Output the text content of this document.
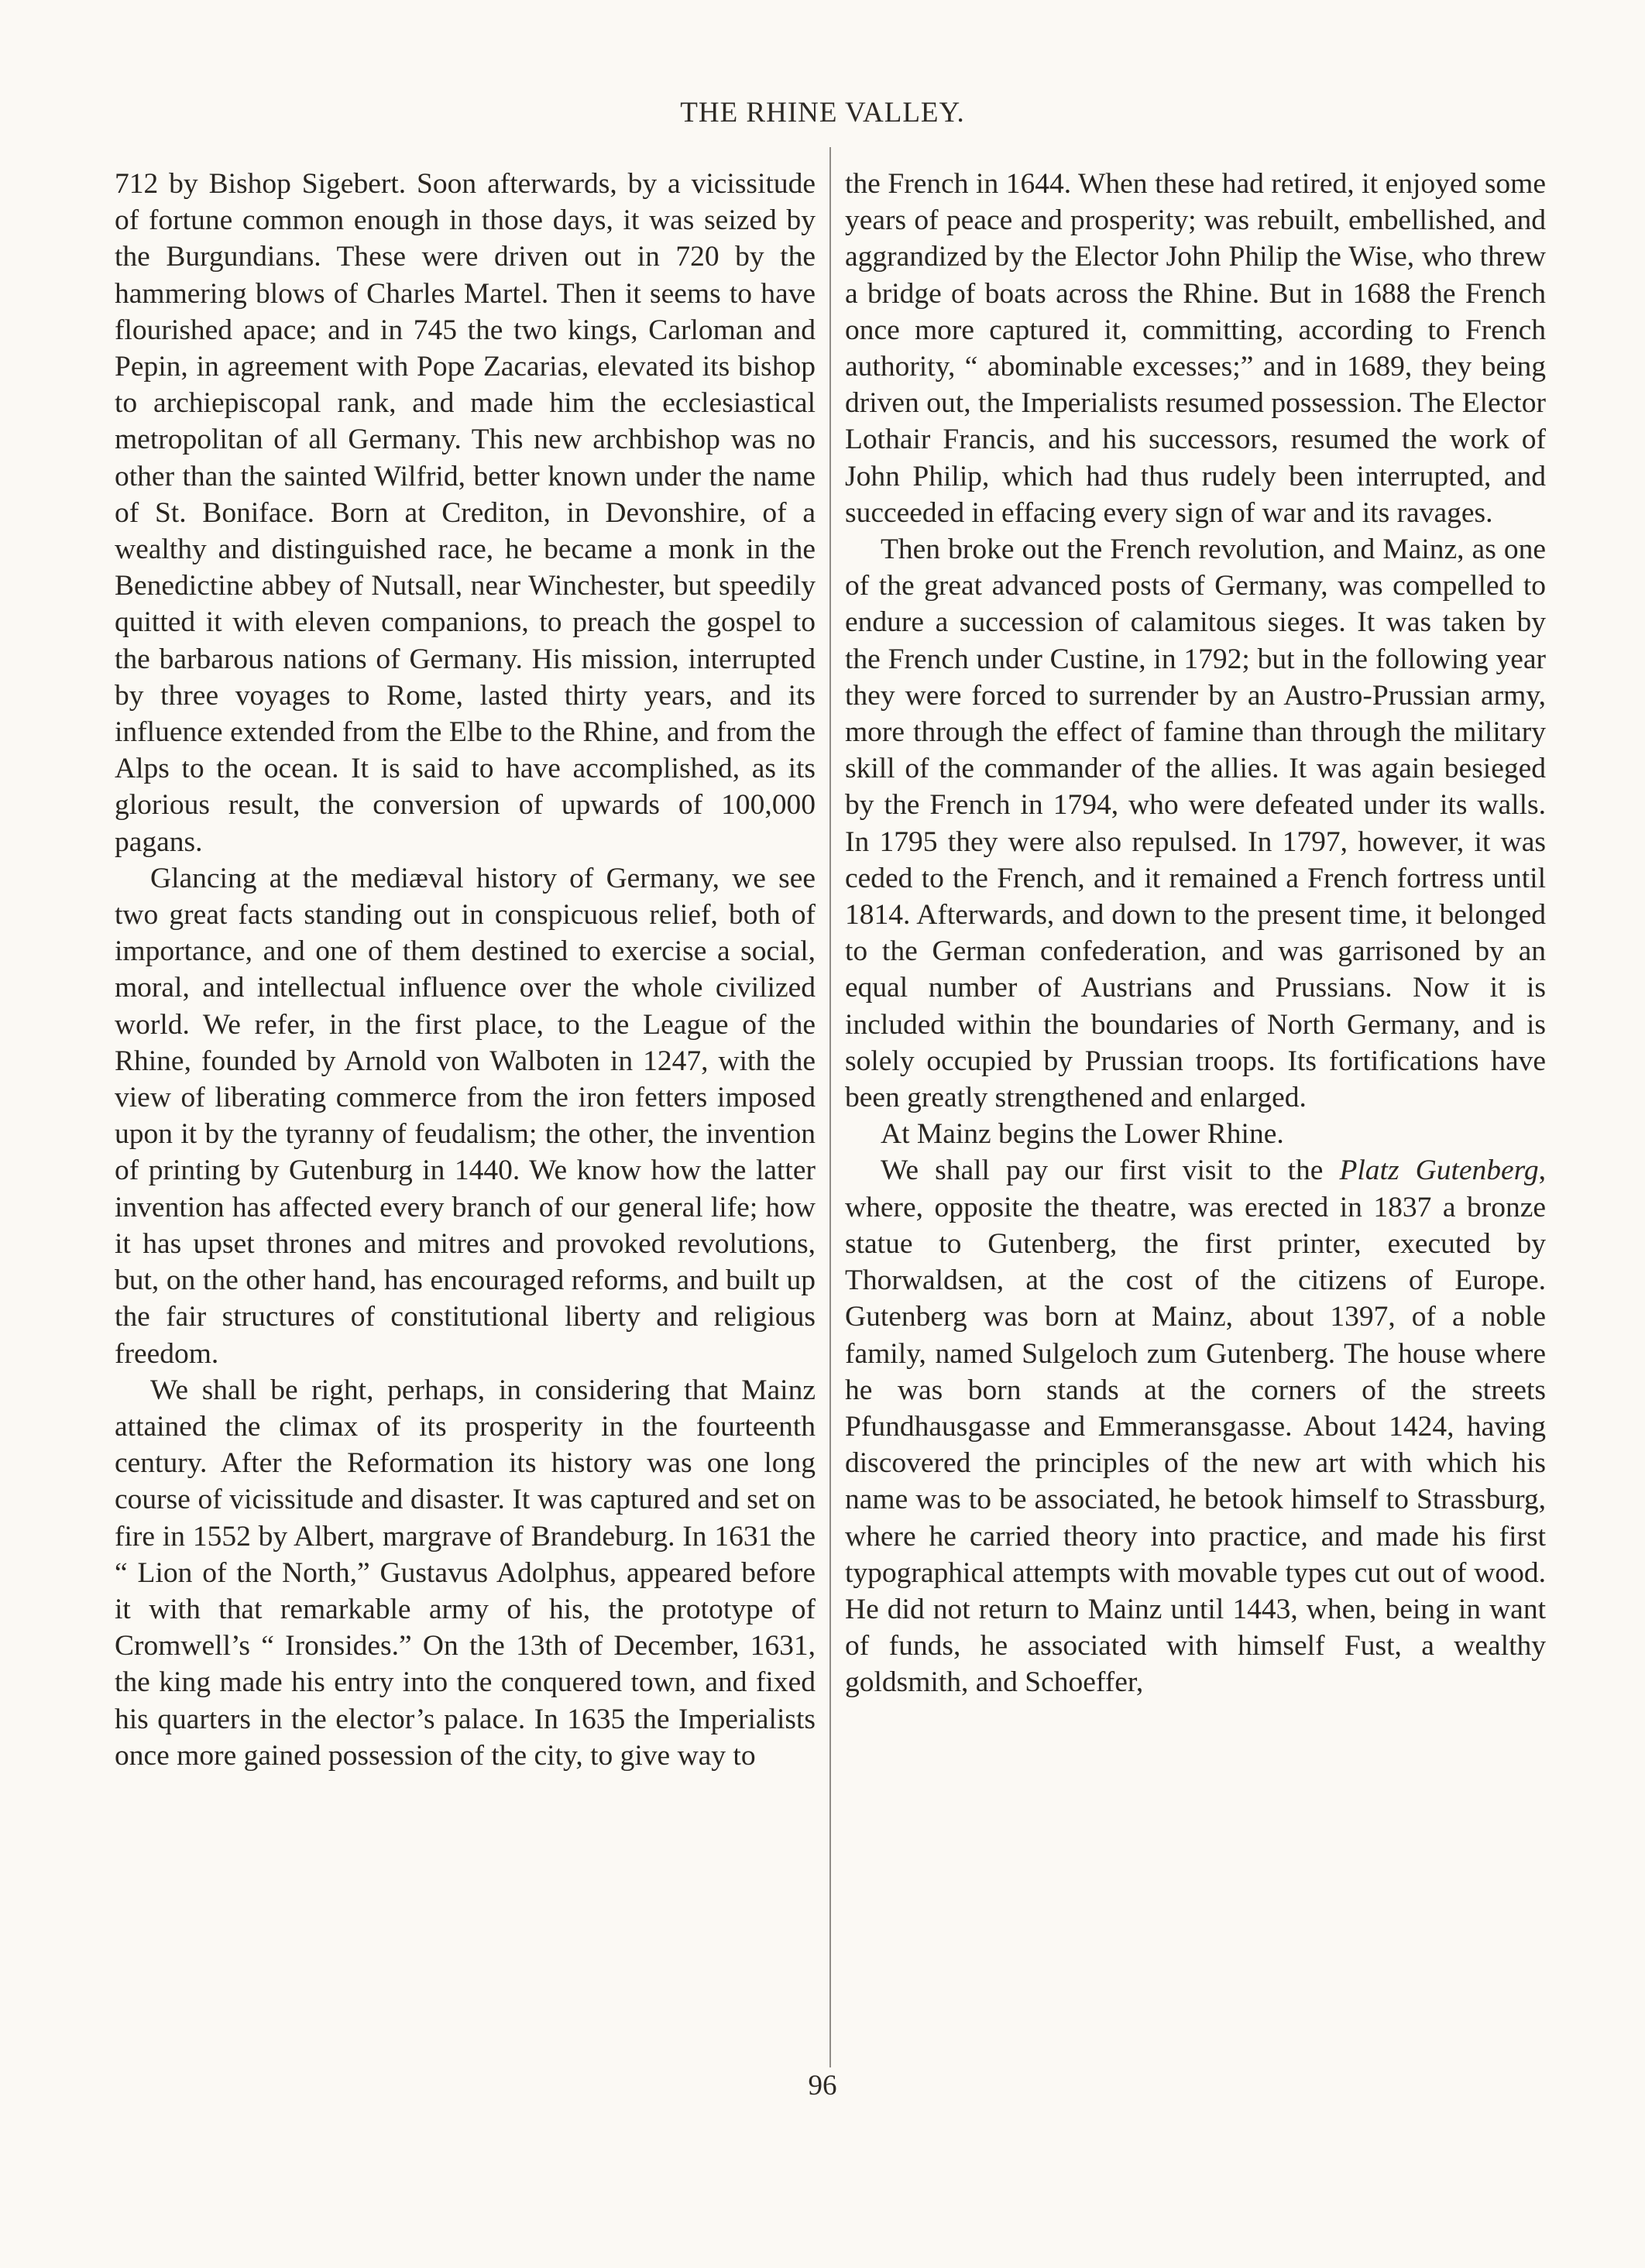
THE RHINE VALLEY.

712 by Bishop Sigebert. Soon afterwards, by a vicissitude of fortune common enough in those days, it was seized by the Burgundians. These were driven out in 720 by the hammering blows of Charles Martel. Then it seems to have flourished apace; and in 745 the two kings, Carloman and Pepin, in agreement with Pope Zacarias, elevated its bishop to archiepiscopal rank, and made him the ecclesiastical metropolitan of all Germany. This new archbishop was no other than the sainted Wilfrid, better known under the name of St. Boniface. Born at Crediton, in Devonshire, of a wealthy and distinguished race, he became a monk in the Benedictine abbey of Nutsall, near Winchester, but speedily quitted it with eleven companions, to preach the gospel to the barbarous nations of Germany. His mission, interrupted by three voyages to Rome, lasted thirty years, and its influence extended from the Elbe to the Rhine, and from the Alps to the ocean. It is said to have accomplished, as its glorious result, the conversion of upwards of 100,000 pagans.

Glancing at the mediæval history of Germany, we see two great facts standing out in conspicuous relief, both of importance, and one of them destined to exercise a social, moral, and intellectual influence over the whole civilized world. We refer, in the first place, to the League of the Rhine, founded by Arnold von Walboten in 1247, with the view of liberating commerce from the iron fetters imposed upon it by the tyranny of feudalism; the other, the invention of printing by Gutenburg in 1440. We know how the latter invention has affected every branch of our general life; how it has upset thrones and mitres and provoked revolutions, but, on the other hand, has encouraged reforms, and built up the fair structures of constitutional liberty and religious freedom.

We shall be right, perhaps, in considering that Mainz attained the climax of its prosperity in the fourteenth century. After the Reformation its history was one long course of vicissitude and disaster. It was captured and set on fire in 1552 by Albert, margrave of Brandeburg. In 1631 the “ Lion of the North,” Gustavus Adolphus, appeared before it with that remarkable army of his, the prototype of Cromwell’s “ Ironsides.” On the 13th of December, 1631, the king made his entry into the conquered town, and fixed his quarters in the elector’s palace. In 1635 the Imperialists once more gained possession of the city, to give way to

the French in 1644. When these had retired, it enjoyed some years of peace and prosperity; was rebuilt, embellished, and aggrandized by the Elector John Philip the Wise, who threw a bridge of boats across the Rhine. But in 1688 the French once more captured it, committing, according to French authority, “ abominable excesses;” and in 1689, they being driven out, the Imperialists resumed possession. The Elector Lothair Francis, and his successors, resumed the work of John Philip, which had thus rudely been interrupted, and succeeded in effacing every sign of war and its ravages.

Then broke out the French revolution, and Mainz, as one of the great advanced posts of Germany, was compelled to endure a succession of calamitous sieges. It was taken by the French under Custine, in 1792; but in the following year they were forced to surrender by an Austro-Prussian army, more through the effect of famine than through the military skill of the commander of the allies. It was again besieged by the French in 1794, who were defeated under its walls. In 1795 they were also repulsed. In 1797, however, it was ceded to the French, and it remained a French fortress until 1814. Afterwards, and down to the present time, it belonged to the German confederation, and was garrisoned by an equal number of Austrians and Prussians. Now it is included within the boundaries of North Germany, and is solely occupied by Prussian troops. Its fortifications have been greatly strengthened and enlarged.

At Mainz begins the Lower Rhine.

We shall pay our first visit to the Platz Gutenberg, where, opposite the theatre, was erected in 1837 a bronze statue to Gutenberg, the first printer, executed by Thorwaldsen, at the cost of the citizens of Europe. Gutenberg was born at Mainz, about 1397, of a noble family, named Sulgeloch zum Gutenberg. The house where he was born stands at the corners of the streets Pfundhausgasse and Emmeransgasse. About 1424, having discovered the principles of the new art with which his name was to be associated, he betook himself to Strassburg, where he carried theory into practice, and made his first typographical attempts with movable types cut out of wood. He did not return to Mainz until 1443, when, being in want of funds, he associated with himself Fust, a wealthy goldsmith, and Schoeffer,

96
